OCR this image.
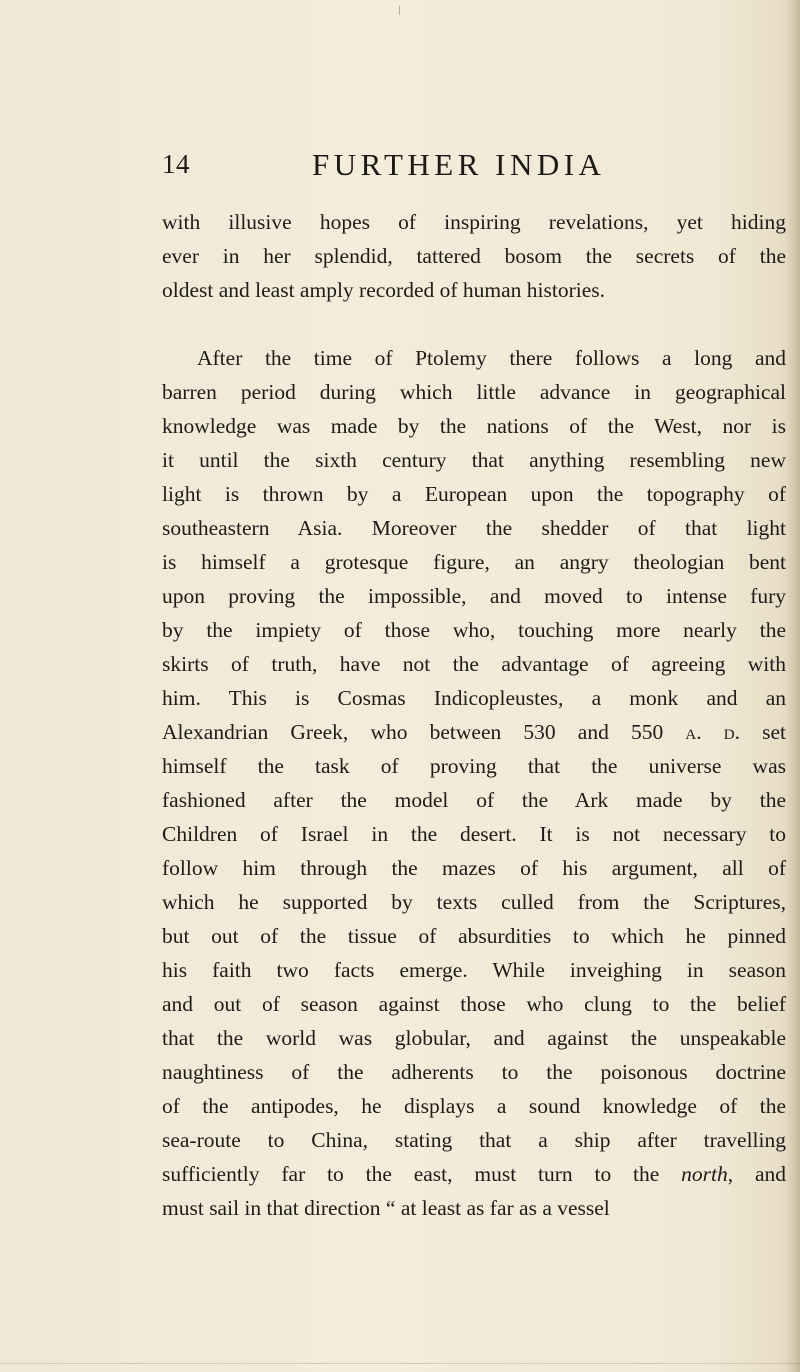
14	FURTHER INDIA
with illusive hopes of inspiring revelations, yet hiding
ever in her splendid, tattered bosom the secrets of the
oldest and least amply recorded of human histories.
After the time of Ptolemy there follows a long and
barren period during which little advance in geographical
knowledge was made by the nations of the West, nor is
it until the sixth century that anything resembling new
light is thrown by a European upon the topography of
southeastern Asia. Moreover the shedder of that light
is himself a grotesque figure, an angry theologian bent
upon proving the impossible, and moved to intense fury
by the impiety of those who, touching more nearly the
skirts of truth, have not the advantage of agreeing with
him. This is Cosmas Indicopleustes, a monk and an
Alexandrian Greek, who between 530 and 550 a. d. set
himself the task of proving that the universe was
fashioned after the model of the Ark made by the
Children of Israel in the desert. It is not necessary to
follow him through the mazes of his argument, all of
which he supported by texts culled from the Scriptures,
but out of the tissue of absurdities to which he pinned
his faith two facts emerge. While inveighing in season
and out of season against those who clung to the belief
that the world was globular, and against the unspeakable
naughtiness of the adherents to the poisonous doctrine
of the antipodes, he displays a sound knowledge of the
sea-route to China, stating that a ship after travelling
sufficiently far to the east, must turn to the north, and
must sail in that direction “ at least as far as a vessel
